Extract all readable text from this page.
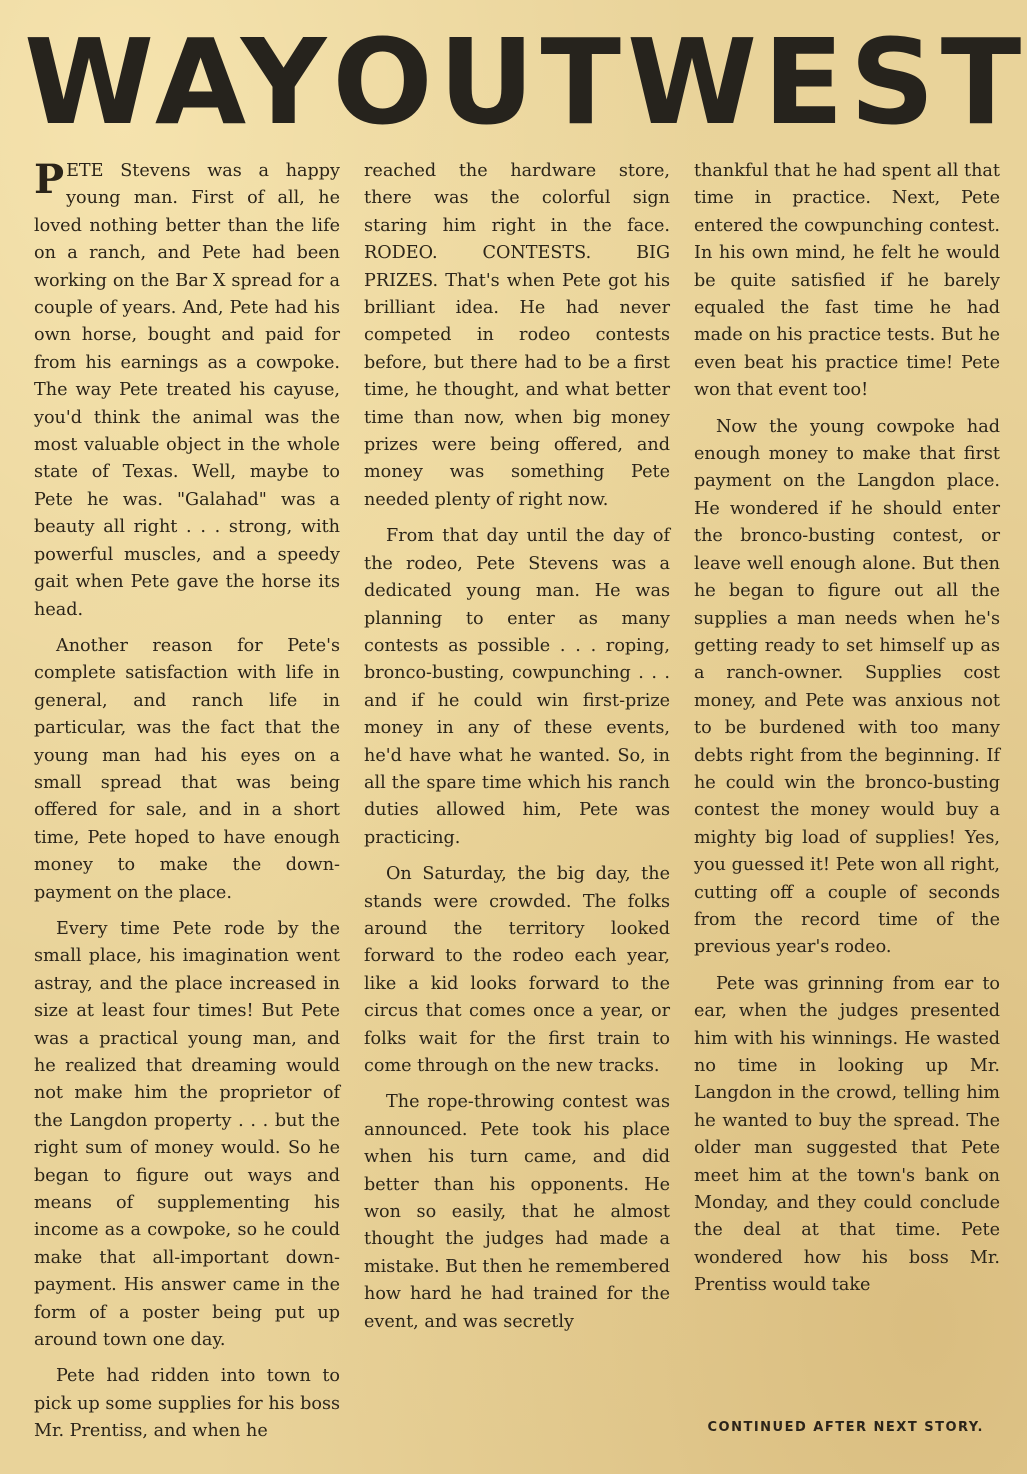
WAY OUT WEST

PETE Stevens was a happy young man. First of all, he loved nothing better than the life on a ranch, and Pete had been working on the Bar X spread for a couple of years. And, Pete had his own horse, bought and paid for from his earnings as a cowpoke. The way Pete treated his cayuse, you'd think the animal was the most valuable object in the whole state of Texas. Well, maybe to Pete he was. "Galahad" was a beauty all right . . . strong, with powerful muscles, and a speedy gait when Pete gave the horse its head.

Another reason for Pete's complete satisfaction with life in general, and ranch life in particular, was the fact that the young man had his eyes on a small spread that was being offered for sale, and in a short time, Pete hoped to have enough money to make the down-payment on the place.

Every time Pete rode by the small place, his imagination went astray, and the place increased in size at least four times! But Pete was a practical young man, and he realized that dreaming would not make him the proprietor of the Langdon property . . . but the right sum of money would. So he began to figure out ways and means of supplementing his income as a cowpoke, so he could make that all-important down-payment. His answer came in the form of a poster being put up around town one day.

Pete had ridden into town to pick up some supplies for his boss Mr. Prentiss, and when he

reached the hardware store, there was the colorful sign staring him right in the face. RODEO. CONTESTS. BIG PRIZES. That's when Pete got his brilliant idea. He had never competed in rodeo contests before, but there had to be a first time, he thought, and what better time than now, when big money prizes were being offered, and money was something Pete needed plenty of right now.

From that day until the day of the rodeo, Pete Stevens was a dedicated young man. He was planning to enter as many contests as possible . . . roping, bronco-busting, cowpunching . . . and if he could win first-prize money in any of these events, he'd have what he wanted. So, in all the spare time which his ranch duties allowed him, Pete was practicing.

On Saturday, the big day, the stands were crowded. The folks around the territory looked forward to the rodeo each year, like a kid looks forward to the circus that comes once a year, or folks wait for the first train to come through on the new tracks.

The rope-throwing contest was announced. Pete took his place when his turn came, and did better than his opponents. He won so easily, that he almost thought the judges had made a mistake. But then he remembered how hard he had trained for the event, and was secretly

thankful that he had spent all that time in practice. Next, Pete entered the cowpunching contest. In his own mind, he felt he would be quite satisfied if he barely equaled the fast time he had made on his practice tests. But he even beat his practice time! Pete won that event too!

Now the young cowpoke had enough money to make that first payment on the Langdon place. He wondered if he should enter the bronco-busting contest, or leave well enough alone. But then he began to figure out all the supplies a man needs when he's getting ready to set himself up as a ranch-owner. Supplies cost money, and Pete was anxious not to be burdened with too many debts right from the beginning. If he could win the bronco-busting contest the money would buy a mighty big load of supplies! Yes, you guessed it! Pete won all right, cutting off a couple of seconds from the record time of the previous year's rodeo.

Pete was grinning from ear to ear, when the judges presented him with his winnings. He wasted no time in looking up Mr. Langdon in the crowd, telling him he wanted to buy the spread. The older man suggested that Pete meet him at the town's bank on Monday, and they could conclude the deal at that time. Pete wondered how his boss Mr. Prentiss would take

CONTINUED AFTER NEXT STORY.
